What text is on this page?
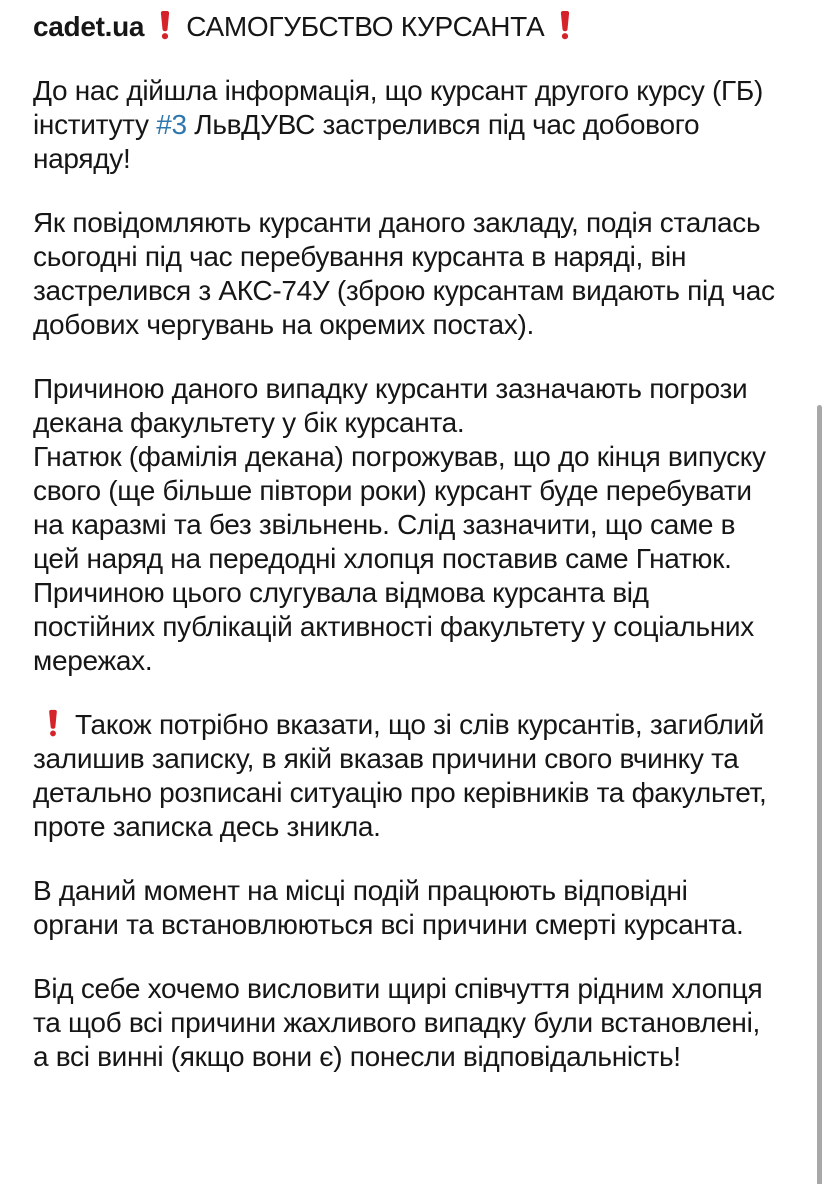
cadet.ua САМОГУБСТВО КУРСАНТА

До нас дійшла інформація, що курсант другого курсу (ГБ) інституту #3 ЛьвДУВС застрелився під час добового наряду!

Як повідомляють курсанти даного закладу, подія сталась сьогодні під час перебування курсанта в наряді, він застрелився з АКС-74У (зброю курсантам видають під час добових чергувань на окремих постах).

Причиною даного випадку курсанти зазначають погрози декана факультету у бік курсанта.
Гнатюк (фамілія декана) погрожував, що до кінця випуску свого (ще більше півтори роки) курсант буде перебувати на каразмі та без звільнень. Слід зазначити, що саме в цей наряд на передодні хлопця поставив саме Гнатюк.
Причиною цього слугувала відмова курсанта від постійних публікацій активності факультету у соціальних мережах.

Також потрібно вказати, що зі слів курсантів, загиблий залишив записку, в якій вказав причини свого вчинку та детально розписані ситуацію про керівників та факультет, проте записка десь зникла.

В даний момент на місці подій працюють відповідні органи та встановлюються всі причини смерті курсанта.

Від себе хочемо висловити щирі співчуття рідним хлопця та щоб всі причини жахливого випадку були встановлені, а всі винні (якщо вони є) понесли відповідальність!
